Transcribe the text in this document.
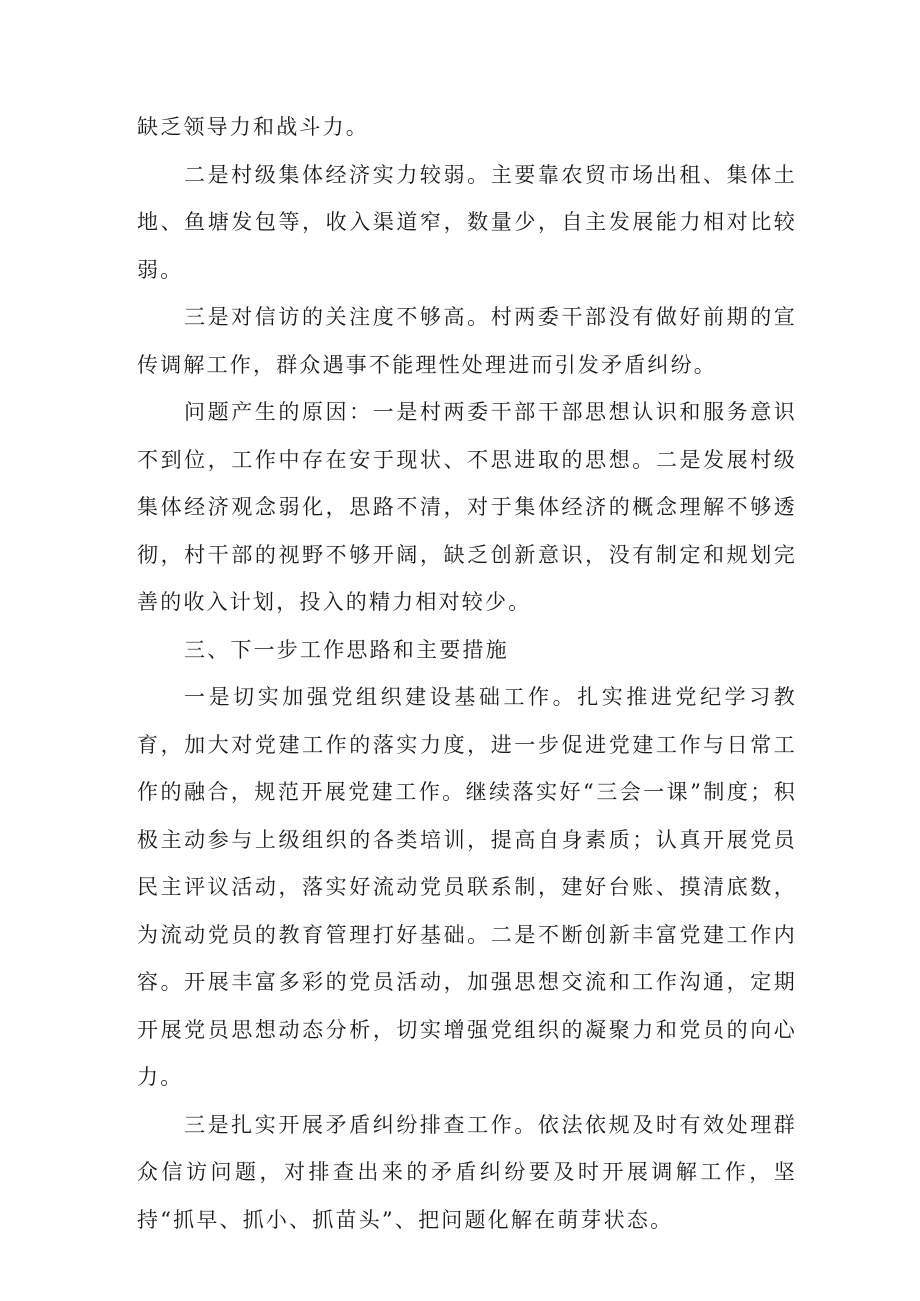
缺乏领导力和战斗力。

二是村级集体经济实力较弱。主要靠农贸市场出租、集体土地、鱼塘发包等，收入渠道窄，数量少，自主发展能力相对比较弱。

三是对信访的关注度不够高。村两委干部没有做好前期的宣传调解工作，群众遇事不能理性处理进而引发矛盾纠纷。

问题产生的原因：一是村两委干部干部思想认识和服务意识不到位，工作中存在安于现状、不思进取的思想。二是发展村级集体经济观念弱化，思路不清，对于集体经济的概念理解不够透彻，村干部的视野不够开阔，缺乏创新意识，没有制定和规划完善的收入计划，投入的精力相对较少。

三、下一步工作思路和主要措施

一是切实加强党组织建设基础工作。扎实推进党纪学习教育，加大对党建工作的落实力度，进一步促进党建工作与日常工作的融合，规范开展党建工作。继续落实好“三会一课”制度；积极主动参与上级组织的各类培训，提高自身素质；认真开展党员民主评议活动，落实好流动党员联系制，建好台账、摸清底数，为流动党员的教育管理打好基础。二是不断创新丰富党建工作内容。开展丰富多彩的党员活动，加强思想交流和工作沟通，定期开展党员思想动态分析，切实增强党组织的凝聚力和党员的向心力。

三是扎实开展矛盾纠纷排查工作。依法依规及时有效处理群众信访问题，对排查出来的矛盾纠纷要及时开展调解工作，坚持“抓早、抓小、抓苗头”、把问题化解在萌芽状态。
